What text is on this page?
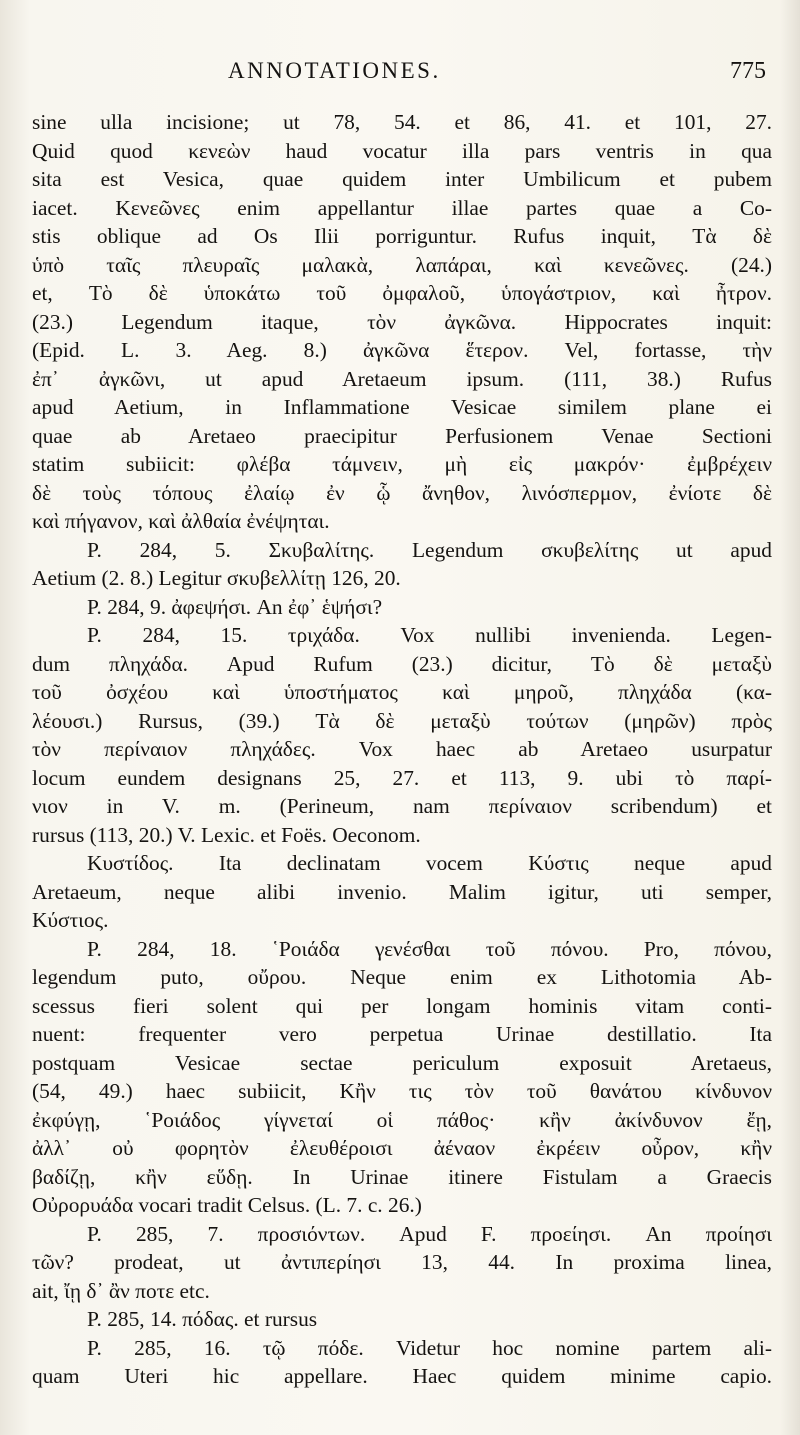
ANNOTATIONES.	775
sine ulla incisione; ut 78, 54. et 86, 41. et 101, 27.
Quid quod κενεὼν haud vocatur illa pars ventris in qua
sita est Vesica, quae quidem inter Umbilicum et pubem
iacet. Κενεῶνες enim appellantur illae partes quae a Co-
stis oblique ad Os Ilii porriguntur. Rufus inquit, Τὰ δὲ
ὑπὸ ταῖς πλευραῖς μαλακὰ, λαπάραι, καὶ κενεῶνες. (24.)
et, Τὸ δὲ ὑποκάτω τοῦ ὀμφαλοῦ, ὑπογάστριον, καὶ ἦτρον.
(23.) Legendum itaque, τὸν ἀγκῶνα. Hippocrates inquit:
(Epid. L. 3. Aeg. 8.) ἀγκῶνα ἕτερον. Vel, fortasse, τὴν
ἐπ᾽ ἀγκῶνι, ut apud Aretaeum ipsum. (111, 38.) Rufus
apud Aetium, in Inflammatione Vesicae similem plane ei
quae ab Aretaeo praecipitur Perfusionem Venae Sectioni
statim subiicit: φλέβα τάμνειν, μὴ εἰς μακρόν· ἐμβρέχειν
δὲ τοὺς τόπους ἐλαίῳ ἐν ᾧ ἄνηθον, λινόσπερμον, ἐνίοτε δὲ
καὶ πήγανον, καὶ ἀλθαία ἐνέψηται.
P. 284, 5. Σκυβαλίτης. Legendum σκυβελίτης ut apud
Aetium (2. 8.) Legitur σκυβελλίτῃ 126, 20.
P. 284, 9. ἀφεψήσι. An ἐφ᾽ ἑψήσι?
P. 284, 15. τριχάδα. Vox nullibi invenienda. Legen-
dum πληχάδα. Apud Rufum (23.) dicitur, Τὸ δὲ μεταξὺ
τοῦ ὀσχέου καὶ ὑποστήματος καὶ μηροῦ, πληχάδα (κα-
λέουσι.) Rursus, (39.) Τὰ δὲ μεταξὺ τούτων (μηρῶν) πρὸς
τὸν περίναιον πληχάδες. Vox haec ab Aretaeo usurpatur
locum eundem designans 25, 27. et 113, 9. ubi τὸ παρί-
νιον in V. m. (Perineum, nam περίναιον scribendum) et
rursus (113, 20.) V. Lexic. et Foës. Oeconom.
Κυστίδος. Ita declinatam vocem Κύστις neque apud
Aretaeum, neque alibi invenio. Malim igitur, uti semper,
Κύστιος.
P. 284, 18. ῾Ροιάδα γενέσθαι τοῦ πόνου. Pro, πόνου,
legendum puto, οὔρου. Neque enim ex Lithotomia Ab-
scessus fieri solent qui per longam hominis vitam conti-
nuent: frequenter vero perpetua Urinae destillatio. Ita
postquam Vesicae sectae periculum exposuit Aretaeus,
(54, 49.) haec subiicit, Κἢν τις τὸν τοῦ θανάτου κίνδυνον
ἐκφύγῃ, ῾Ροιάδος γίγνεταί οἱ πάθος· κἢν ἀκίνδυνον ἔῃ,
ἀλλ᾽ οὐ φορητὸν ἐλευθέροισι ἀέναον ἐκρέειν οὖρον, κἢν
βαδίζῃ, κἢν εὕδῃ. In Urinae itinere Fistulam a Graecis
Οὐρορυάδα vocari tradit Celsus. (L. 7. c. 26.)
P. 285, 7. προσιόντων. Apud F. προείησι. An προίησι
τῶν? prodeat, ut ἀντιπερίησι 13, 44. In proxima linea,
ait, ἴῃ δ᾽ ἂν ποτε etc.
P. 285, 14. πόδας. et rursus
P. 285, 16. τῷ πόδε. Videtur hoc nomine partem ali-
quam Uteri hic appellare. Haec quidem minime capio.
